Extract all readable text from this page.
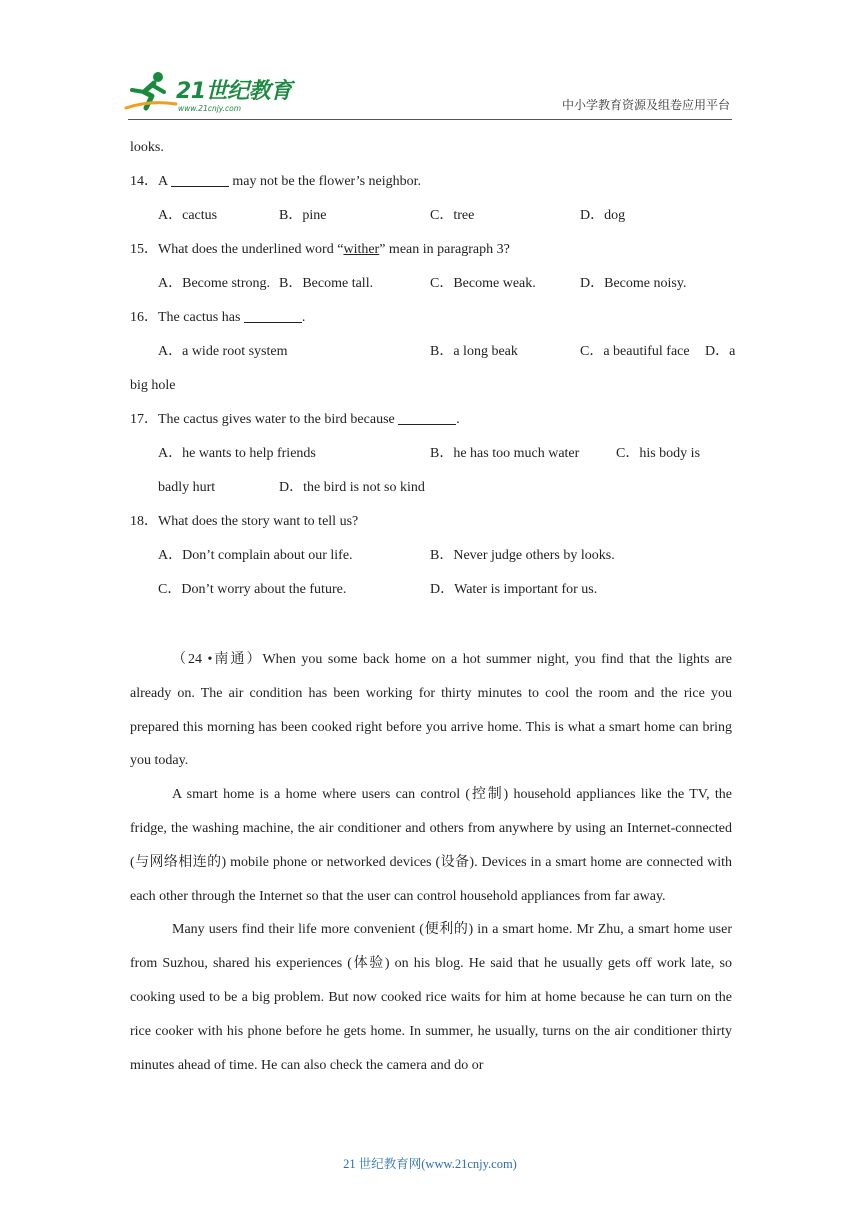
21世纪教育
www.21cnjy.com	中小学教育资源及组卷应用平台
looks.
14．A	may not be the flower’s neighbor.
A．cactus	B．pine	C．tree	D．dog
15．What does the underlined word “wither” mean in paragraph 3?
A．Become strong. B．Become tall.	C．Become weak.	D．Become noisy.
16．The cactus has	.
A．a wide root system	B．a long beak	C．a beautiful face D．a
big hole
17．The cactus gives water to the bird because	.
A．he wants to help friends	B．he has too much water	C．his body is
badly hurt	D．the bird is not so kind
18．What does the story want to tell us?
A．Don’t complain about our life.	B．Never judge others by looks.
C．Don’t worry about the future.	D．Water is important for us.

（24 •南通）When you some back home on a hot summer night, you find that the lights are already on. The air condition has been working for thirty minutes to cool the room and the rice you prepared this morning has been cooked right before you arrive home. This is what a smart home can bring you today.

A smart home is a home where users can control (控制) household appliances like the TV, the fridge, the washing machine, the air conditioner and others from anywhere by using an Internet-connected (与网络相连的) mobile phone or networked devices (设备). Devices in a smart home are connected with each other through the Internet so that the user can control household appliances from far away.

Many users find their life more convenient (便利的) in a smart home. Mr Zhu, a smart home user from Suzhou, shared his experiences (体验) on his blog. He said that he usually gets off work late, so cooking used to be a big problem. But now cooked rice waits for him at home because he can turn on the rice cooker with his phone before he gets home. In summer, he usually, turns on the air conditioner thirty minutes ahead of time. He can also check the camera and do or

21 世纪教育网(www.21cnjy.com)
